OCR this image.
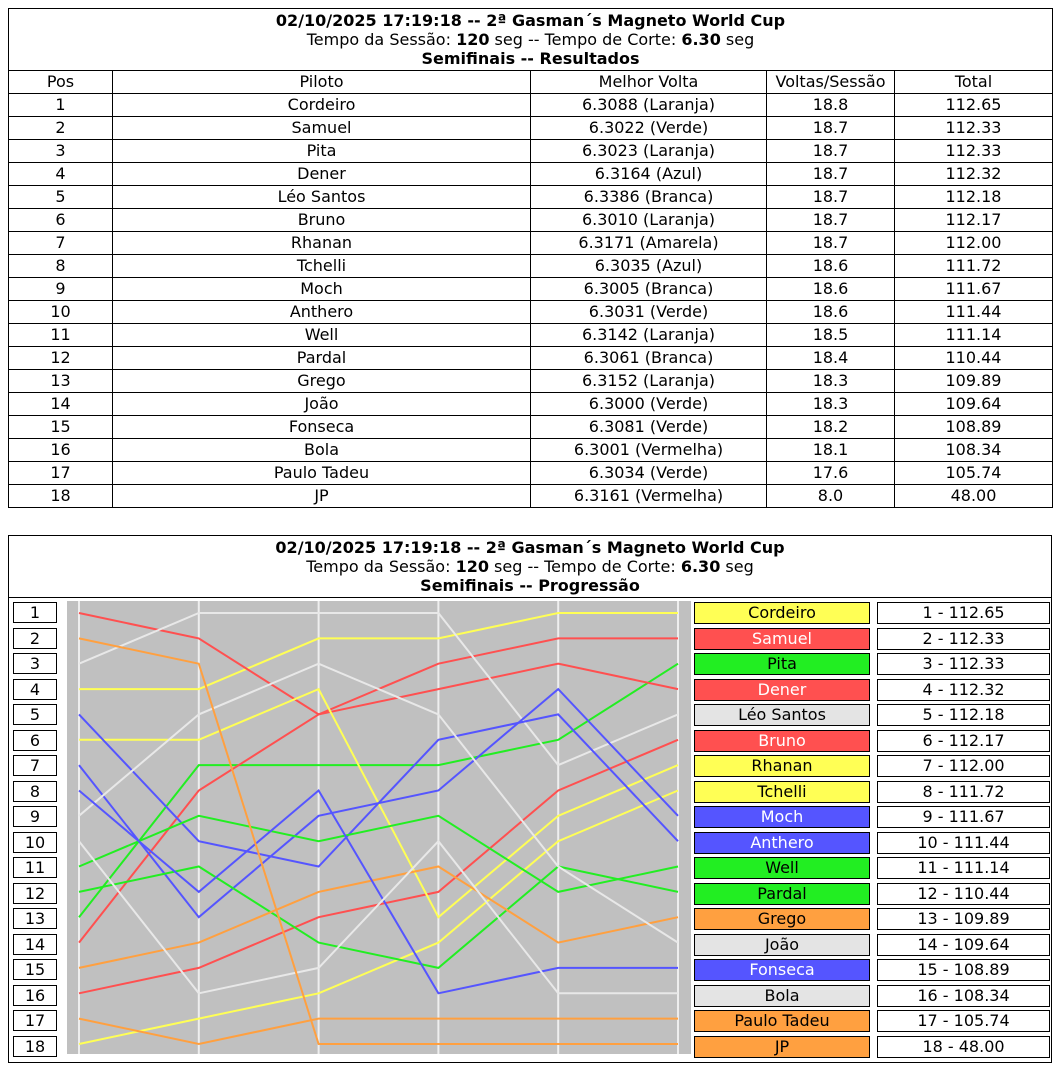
02/10/2025 17:19:18 -- 2ª Gasman´s Magneto World Cup
Tempo da Sessão: 120 seg -- Tempo de Corte: 6.30 seg
Semifinais -- Resultados				

Pos	Piloto	Melhor Volta	Voltas/Sessão	Total
1	Cordeiro	6.3088 (Laranja)	18.8	112.65
2	Samuel	6.3022 (Verde)	18.7	112.33
3	Pita	6.3023 (Laranja)	18.7	112.33
4	Dener	6.3164 (Azul)	18.7	112.32
5	Léo Santos	6.3386 (Branca)	18.7	112.18
6	Bruno	6.3010 (Laranja)	18.7	112.17
7	Rhanan	6.3171 (Amarela)	18.7	112.00
8	Tchelli	6.3035 (Azul)	18.6	111.72
9	Moch	6.3005 (Branca)	18.6	111.67
10	Anthero	6.3031 (Verde)	18.6	111.44
11	Well	6.3142 (Laranja)	18.5	111.14
12	Pardal	6.3061 (Branca)	18.4	110.44
13	Grego	6.3152 (Laranja)	18.3	109.89
14	João	6.3000 (Verde)	18.3	109.64
15	Fonseca	6.3081 (Verde)	18.2	108.89
16	Bola	6.3001 (Vermelha)	18.1	108.34
17	Paulo Tadeu	6.3034 (Verde)	17.6	105.74
18	JP	6.3161 (Vermelha)	8.0	48.00
02/10/2025 17:19:18 -- 2ª Gasman´s Magneto World Cup
Tempo da Sessão: 120 seg -- Tempo de Corte: 6.30 seg
Semifinais -- Progressão
1
2
3
4
5
6
7
8
9
10
11
12
13
14
15
16
17
18
Cordeiro
Samuel
Pita
Dener
Léo Santos
Bruno
Rhanan
Tchelli
Moch
Anthero
Well
Pardal
Grego
João
Fonseca
Bola
Paulo Tadeu
JP
1 - 112.65
2 - 112.33
3 - 112.33
4 - 112.32
5 - 112.18
6 - 112.17
7 - 112.00
8 - 111.72
9 - 111.67
10 - 111.44
11 - 111.14
12 - 110.44
13 - 109.89
14 - 109.64
15 - 108.89
16 - 108.34
17 - 105.74
18 - 48.00
